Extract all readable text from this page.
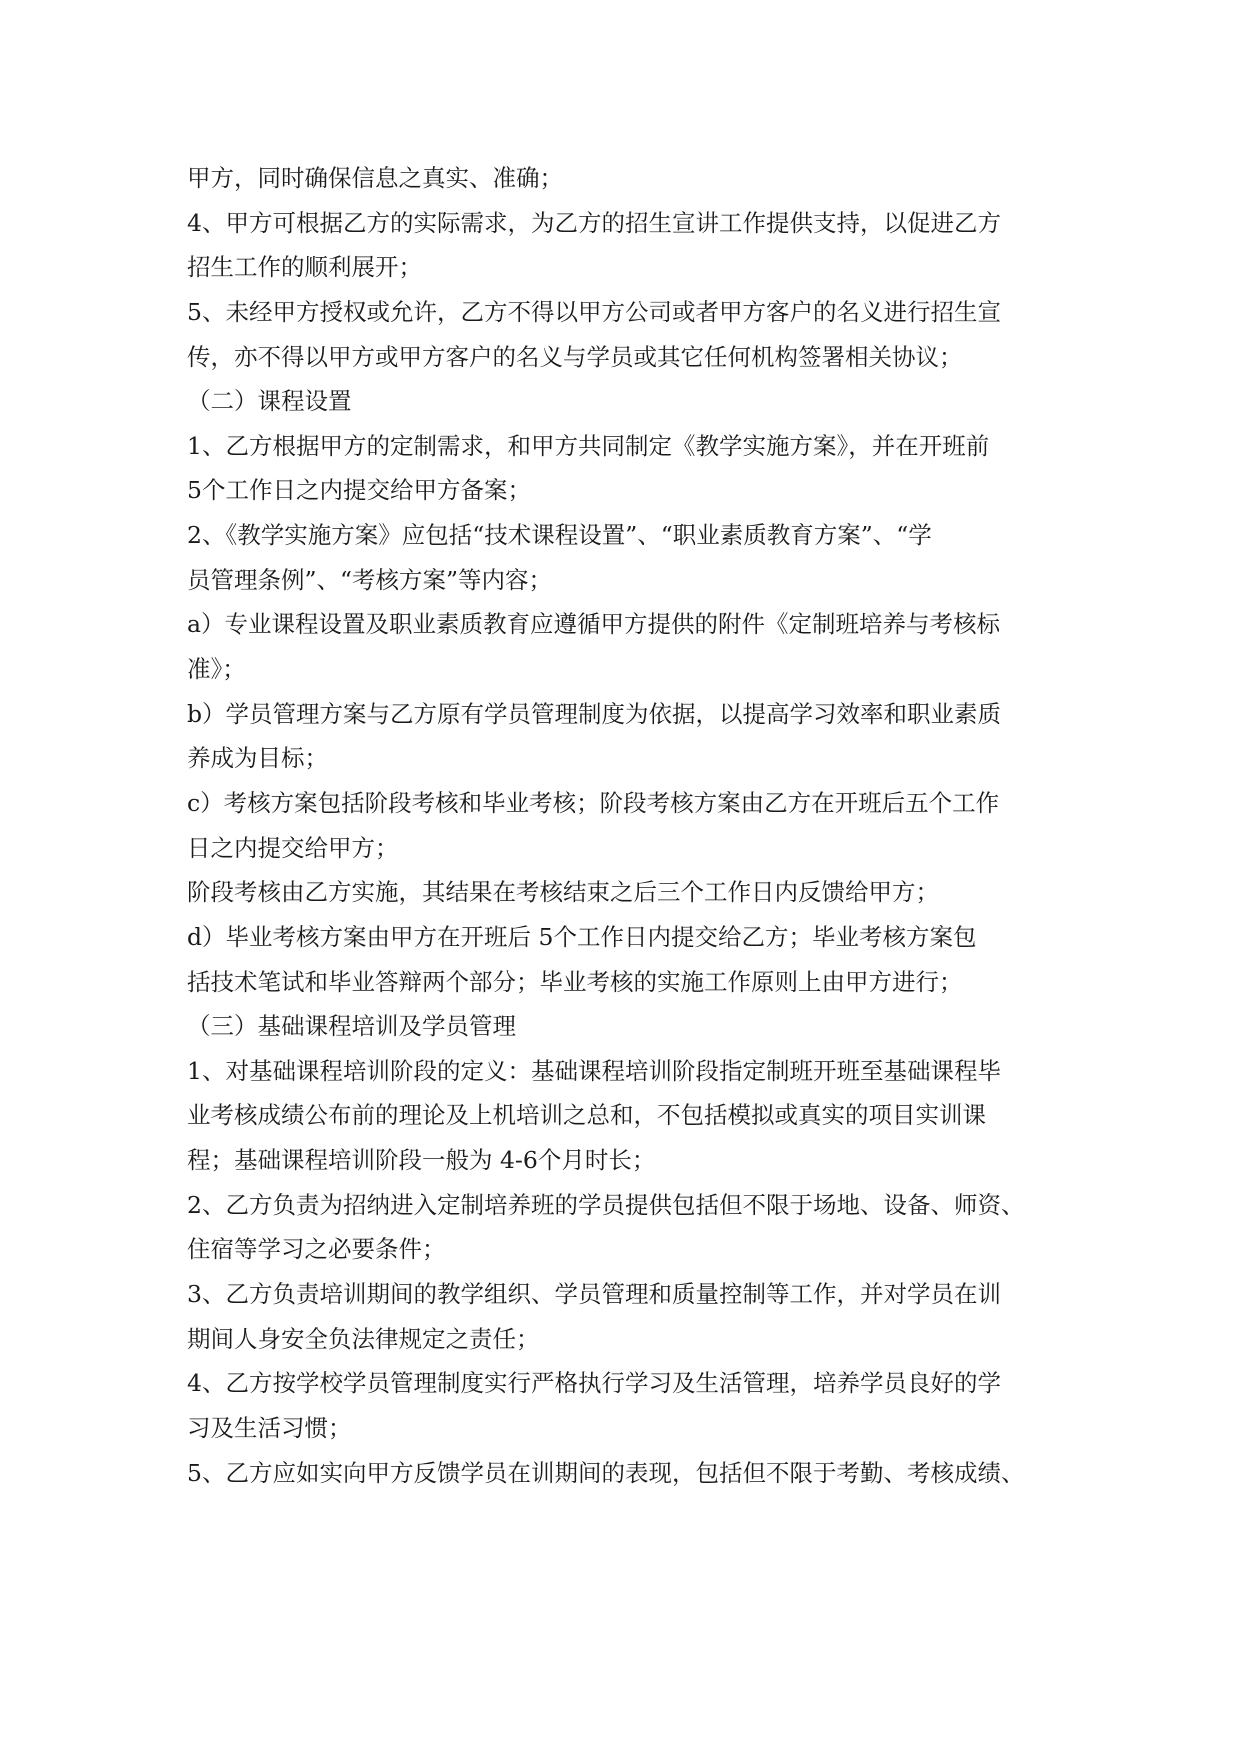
甲方，同时确保信息之真实、准确；
4、甲方可根据乙方的实际需求，为乙方的招生宣讲工作提供支持，以促进乙方
招生工作的顺利展开；
5、未经甲方授权或允许，乙方不得以甲方公司或者甲方客户的名义进行招生宣
传，亦不得以甲方或甲方客户的名义与学员或其它任何机构签署相关协议；
（二）课程设置
1、乙方根据甲方的定制需求，和甲方共同制定《教学实施方案》，并在开班前
5个工作日之内提交给甲方备案；
2、《教学实施方案》应包括“技术课程设置”、“职业素质教育方案”、“学
员管理条例”、“考核方案”等内容；
a）专业课程设置及职业素质教育应遵循甲方提供的附件《定制班培养与考核标
准》；
b）学员管理方案与乙方原有学员管理制度为依据，以提高学习效率和职业素质
养成为目标；
c）考核方案包括阶段考核和毕业考核；阶段考核方案由乙方在开班后五个工作
日之内提交给甲方；
阶段考核由乙方实施，其结果在考核结束之后三个工作日内反馈给甲方；
d）毕业考核方案由甲方在开班后 5个工作日内提交给乙方；毕业考核方案包
括技术笔试和毕业答辩两个部分；毕业考核的实施工作原则上由甲方进行；
（三）基础课程培训及学员管理
1、对基础课程培训阶段的定义：基础课程培训阶段指定制班开班至基础课程毕
业考核成绩公布前的理论及上机培训之总和，不包括模拟或真实的项目实训课
程；基础课程培训阶段一般为 4-6个月时长；
2、乙方负责为招纳进入定制培养班的学员提供包括但不限于场地、设备、师资、
住宿等学习之必要条件；
3、乙方负责培训期间的教学组织、学员管理和质量控制等工作，并对学员在训
期间人身安全负法律规定之责任；
4、乙方按学校学员管理制度实行严格执行学习及生活管理，培养学员良好的学
习及生活习惯；
5、乙方应如实向甲方反馈学员在训期间的表现，包括但不限于考勤、考核成绩、
